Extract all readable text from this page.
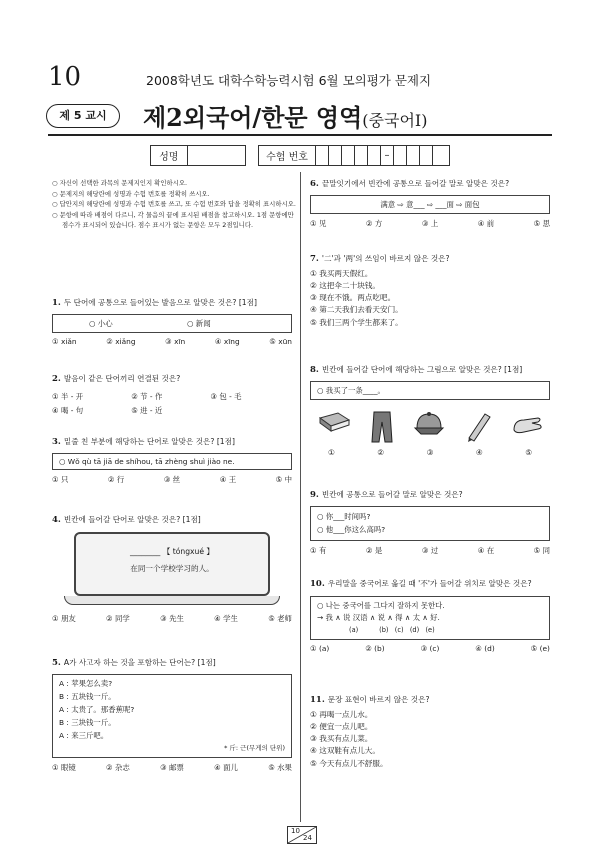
10	2008학년도 대학수학능력시험 6월 모의평가 문제지
제 5 교시	제2외국어/한문 영역(중국어Ⅰ)
성명	수험 번호	–
○ 자신이 선택한 과목의 문제지인지 확인하시오.
○ 문제지의 해당란에 성명과 수험 번호를 정확히 쓰시오.
○ 답안지의 해당란에 성명과 수험 번호를 쓰고, 또 수험 번호와 답을 정확히 표시하시오.
○ 문항에 따라 배점이 다르니, 각 물음의 끝에 표시된 배점을 참고하시오. 1점 문항에만 점수가 표시되어 있습니다. 점수 표시가 없는 문항은 모두 2점입니다.
1. 두 단어에 공통으로 들어있는 발음으로 알맞은 것은? [1점]
○ 小心	○ 新闻
① xiǎn	② xiǎng	③ xīn	④ xīng	⑤ xūn
2. 발음이 같은 단어끼리 연결된 것은?
① 半 - 开	② 节 - 作	③ 包 - 毛
④ 喝 - 句	⑤ 进 - 近
3. 밑줄 친 부분에 해당하는 단어로 알맞은 것은? [1점]
○ Wǒ qù tā jiā de shíhou, tā zhèng shuì jiào ne.
① 只	② 行	③ 丝	④ 王	⑤ 中
4. 빈칸에 들어갈 단어로 알맞은 것은? [1점]
________ 【 tóngxué 】
在同一个学校学习的人。
① 朋友	② 同学	③ 先生	④ 学生	⑤ 老师
5. A가 사고자 하는 것을 포함하는 단어는? [1점]
A : 苹果怎么卖?
B : 五块钱一斤。
A : 太贵了。那香蕉呢?
B : 三块钱一斤。
A : 来三斤吧。
* 斤: 근(무게의 단위)
① 眼镜	② 杂志	③ 邮票	④ 面儿	⑤ 水果
6. 끝말잇기에서 빈칸에 공통으로 들어갈 말로 알맞은 것은?
满意 ⇨ 意___ ⇨ ___面 ⇨ 面包
① 见	② 方	③ 上	④ 前	⑤ 思
7. '二'과 '两'의 쓰임이 바르지 않은 것은?
① 我买两天假红。
② 这把伞二十块钱。
③ 现在不饿。两点吃吧。
④ 第二天我们去看天安门。
⑤ 我们三两个学生都来了。
8. 빈칸에 들어갈 단어에 해당하는 그림으로 알맞은 것은? [1점]
○ 我买了一条____。
①	②	③	④	⑤
9. 빈칸에 공통으로 들어갈 말로 알맞은 것은?
○ 你___时间吗?
○ 他___你这么高吗?
① 有	② 是	③ 过	④ 在	⑤ 同
10. 우리말을 중국어로 옮길 때 '不'가 들어갈 위치로 알맞은 것은?
○ 나는 중국어를 그다지 잘하지 못한다.
→ 我 ∧ 说 汉语 ∧ 说 ∧ 得 ∧ 太 ∧ 好.
(a)          (b)   (c)   (d)   (e)
① (a)	② (b)	③ (c)	④ (d)	⑤ (e)
11. 문장 표현이 바르지 않은 것은?
① 再喝一点儿水。
② 便宜一点儿吧。
③ 我买有点儿菜。
④ 这双鞋有点儿大。
⑤ 今天有点儿不舒服。
10
24
